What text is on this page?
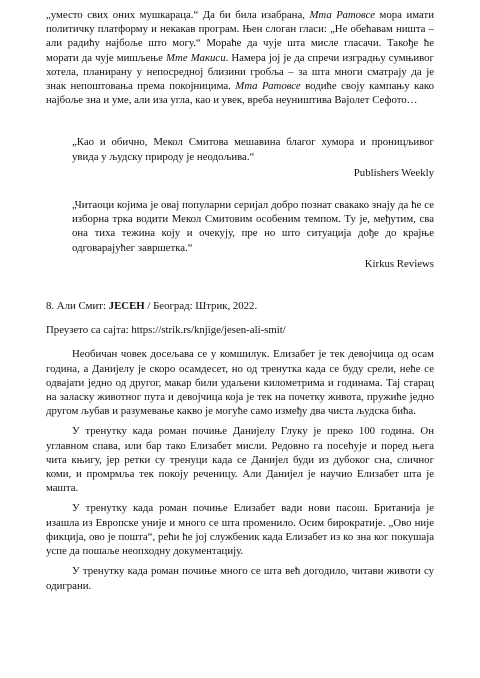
„уместо свих оних мушкараца.“ Да би била изабрана, Мта Ратовсе мора имати политичку платформу и некакав програм. Њен слоган гласи: „Не обећавам ништа – али радићу најбоље што могу.“ Мораће да чује шта мисле гласачи. Такође ће морати да чује мишљење Мте Макиси. Намера јој је да спречи изградњу сумњивог хотела, планирану у непосредној близини гробља – за шта многи сматрају да је знак непоштовања према покојницима. Мта Ратовсе водиће своју кампању како најбоље зна и уме, али иза угла, као и увек, вреба неуништива Ваjолет Сефото…

„Као и обично, Мекол Смитова мешавина благог хумора и проницљивог увида у људску природу је неодољива.“

Publishers Weekly

„Читаоци којима је овај популарни серијал добро познат свакако знају да ће се изборна трка водити Мекол Смитовим особеним темпом. Ту је, међутим, сва она тиха тежина коју и очекују, пре но што ситуација дође до крајње одговарајућег завршетка.“

Kirkus Reviews

8. Али Смит: ЈЕСЕН / Београд: Штрик, 2022.

Преузето са сајта: https://strik.rs/knjige/jesen-ali-smit/

Необичан човек досељава се у комшилук. Елизабет је тек девојчица од осам година, а Данијелу је скоро осамдесет, но од тренутка када се буду срели, неће се одвајати једно од другог, макар били удаљени километрима и годинама. Тај старац на заласку животног пута и девојчица која је тек на почетку живота, пружиће једно другом љубав и разумевање какво је могуће само између два чиста људска бића.

У тренутку када роман почиње Данијелу Глуку је преко 100 година. Он углавном спава, или бар тако Елизабет мисли. Редовно га посећује и поред њега чита књигу, јер ретки су тренуци када се Данијел буди из дубоког сна, сличног коми, и промрмља тек покоју реченицу. Али Данијел је научио Елизабет шта је машта.

У тренутку када роман почиње Елизабет вади нови пасош. Британија је изашла из Европске уније и много се шта променило. Осим бирократије. „Ово није фикција, ово је пошта“, рећи ће јој службеник када Елизабет из ко зна ког покушаја успе да пошаље неопходну документацију.

У тренутку када роман почиње много се шта већ догодило, читави животи су одиграни.
